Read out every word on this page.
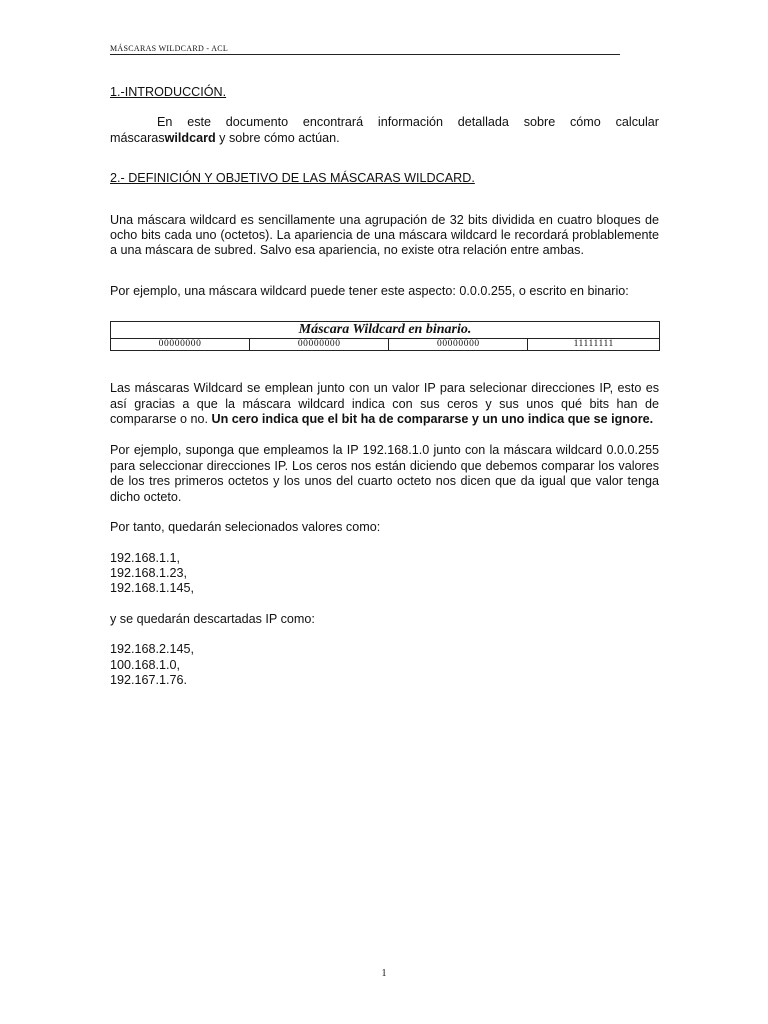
MÁSCARAS WILDCARD - ACL
1.-INTRODUCCIÓN.

En este documento encontrará información detallada sobre cómo calcular máscaraswildcard y sobre cómo actúan.

2.- DEFINICIÓN Y OBJETIVO DE LAS MÁSCARAS WILDCARD.

Una máscara wildcard es sencillamente una agrupación de 32 bits dividida en cuatro bloques de ocho bits cada uno (octetos). La apariencia de una máscara wildcard le recordará problablemente a una máscara de subred. Salvo esa apariencia, no existe otra relación entre ambas.

Por ejemplo, una máscara wildcard puede tener este aspecto: 0.0.0.255, o escrito en binario:

Máscara Wildcard en binario.
00000000	00000000	00000000	11111111

Las máscaras Wildcard se emplean junto con un valor IP para selecionar direcciones IP, esto es así gracias a que la máscara wildcard indica con sus ceros y sus unos qué bits han de compararse o no. Un cero indica que el bit ha de compararse y un uno indica que se ignore.

Por ejemplo, suponga que empleamos la IP 192.168.1.0 junto con la máscara wildcard 0.0.0.255 para seleccionar direcciones IP. Los ceros nos están diciendo que debemos comparar los valores de los tres primeros octetos y los unos del cuarto octeto nos dicen que da igual que valor tenga dicho octeto.

Por tanto, quedarán selecionados valores como:

192.168.1.1,
192.168.1.23,
192.168.1.145,

y se quedarán descartadas IP como:

192.168.2.145,
100.168.1.0,
192.167.1.76.
1
